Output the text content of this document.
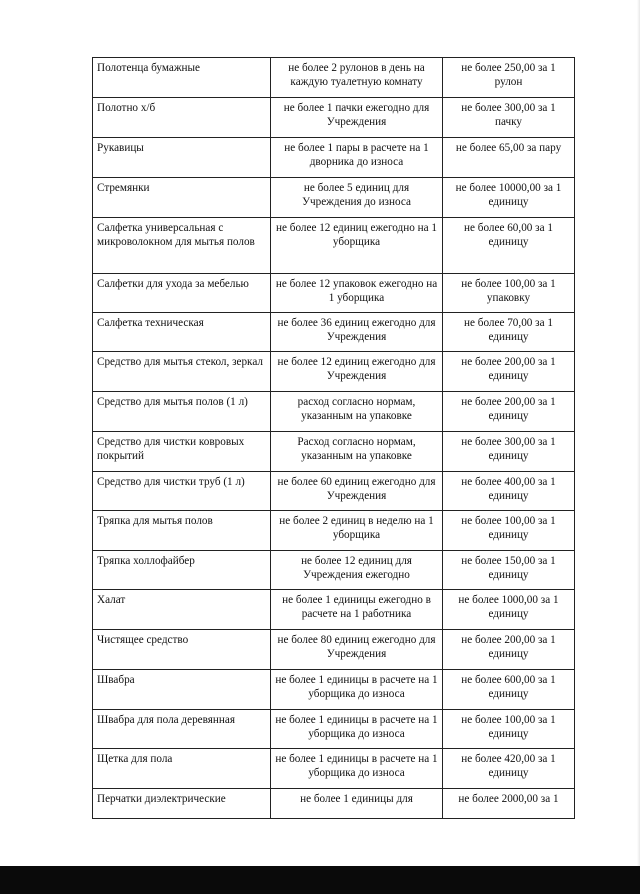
Полотенца бумажные	не более 2 рулонов в день на каждую туалетную комнату	не более 250,00 за 1 рулон
Полотно х/б	не более 1 пачки ежегодно для Учреждения	не более 300,00 за 1 пачку
Рукавицы	не более 1 пары в расчете на 1 дворника до износа	не более 65,00 за пару
Стремянки	не более 5 единиц для Учреждения до износа	не более 10000,00 за 1 единицу
Салфетка универсальная с микроволокном для мытья полов	не более 12 единиц ежегодно на 1 уборщика	не более 60,00 за 1 единицу
Салфетки для ухода за мебелью	не более 12 упаковок ежегодно на 1 уборщика	не более 100,00 за 1 упаковку
Салфетка техническая	не более 36 единиц ежегодно для Учреждения	не более 70,00 за 1 единицу
Средство для мытья стекол, зеркал	не более 12 единиц ежегодно для Учреждения	не более 200,00 за 1 единицу
Средство для мытья полов (1 л)	расход согласно нормам, указанным на упаковке	не более 200,00 за 1 единицу
Средство для чистки ковровых покрытий	Расход согласно нормам, указанным на упаковке	не более 300,00 за 1 единицу
Средство для чистки труб (1 л)	не более 60 единиц ежегодно для Учреждения	не более 400,00 за 1 единицу
Тряпка для мытья полов	не более 2 единиц в неделю на 1 уборщика	не более 100,00 за 1 единицу
Тряпка холлофайбер	не более 12 единиц для Учреждения ежегодно	не более 150,00 за 1 единицу
Халат	не более 1 единицы ежегодно в расчете на 1 работника	не более 1000,00 за 1 единицу
Чистящее средство	не более 80 единиц ежегодно для Учреждения	не более 200,00 за 1 единицу
Швабра	не более 1 единицы в расчете на 1 уборщика до износа	не более 600,00 за 1 единицу
Швабра для пола деревянная	не более 1 единицы в расчете на 1 уборщика до износа	не более 100,00 за 1 единицу
Щетка для пола	не более 1 единицы в расчете на 1 уборщика до износа	не более 420,00 за 1 единицу
Перчатки диэлектрические	не более 1 единицы для	не более 2000,00 за 1
